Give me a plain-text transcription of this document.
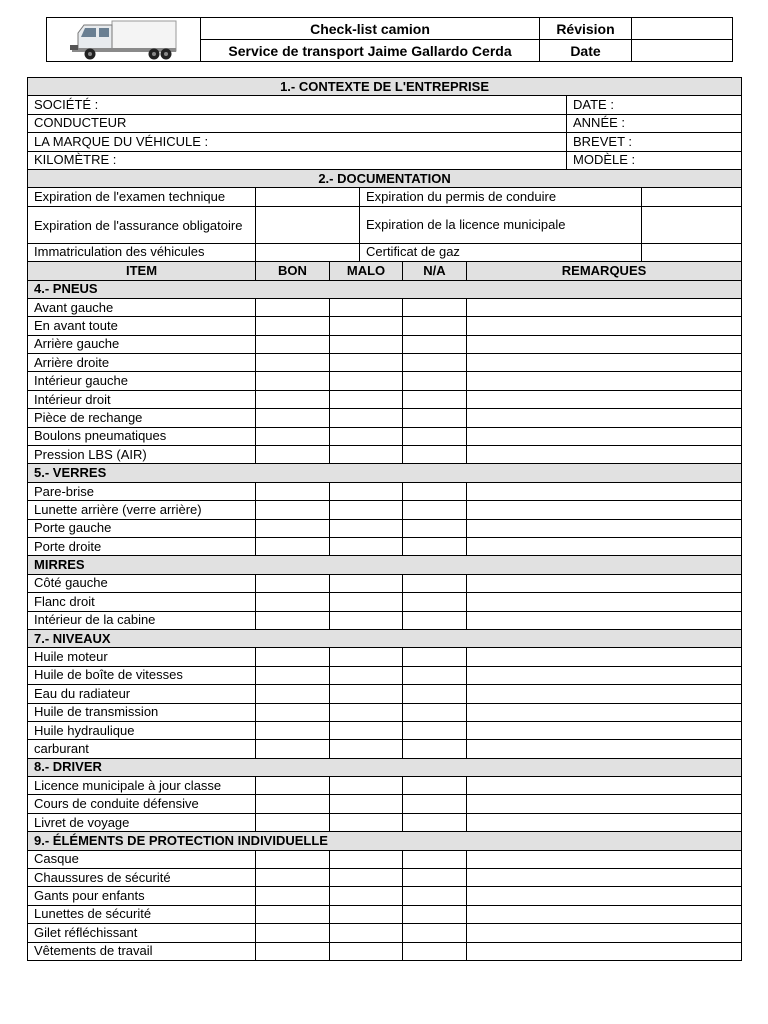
	Check-list camion	Révision	
	Service de transport Jaime Gallardo Cerda	Date	
1.- CONTEXTE DE L'ENTREPRISE							
SOCIÉTÉ :						DATE :	
CONDUCTEUR						ANNÉE :	
LA MARQUE DU VÉHICULE :						BREVET :	
KILOMÈTRE :						MODÈLE :	
2.- DOCUMENTATION							
Expiration de l'examen technique			Expiration du permis de conduire				
Expiration de l'assurance obligatoire			Expiration de la licence municipale				
Immatriculation des véhicules			Certificat de gaz				
ITEM	BON	MALO		N/A	REMARQUES		
4.- PNEUS							
Avant gauche							
En avant toute							
Arrière gauche							
Arrière droite							
Intérieur gauche							
Intérieur droit							
Pièce de rechange							
Boulons pneumatiques							
Pression LBS (AIR)							
5.- VERRES							
Pare-brise							
Lunette arrière (verre arrière)							
Porte gauche							
Porte droite							
MIRRES							
Côté gauche							
Flanc droit							
Intérieur de la cabine							
7.- NIVEAUX							
Huile moteur							
Huile de boîte de vitesses							
Eau du radiateur							
Huile de transmission							
Huile hydraulique							
carburant							
8.- DRIVER							
Licence municipale à jour classe							
Cours de conduite défensive							
Livret de voyage							
9.- ÉLÉMENTS DE PROTECTION INDIVIDUELLE							
Casque							
Chaussures de sécurité							
Gants pour enfants							
Lunettes de sécurité							
Gilet réfléchissant							
Vêtements de travail							
